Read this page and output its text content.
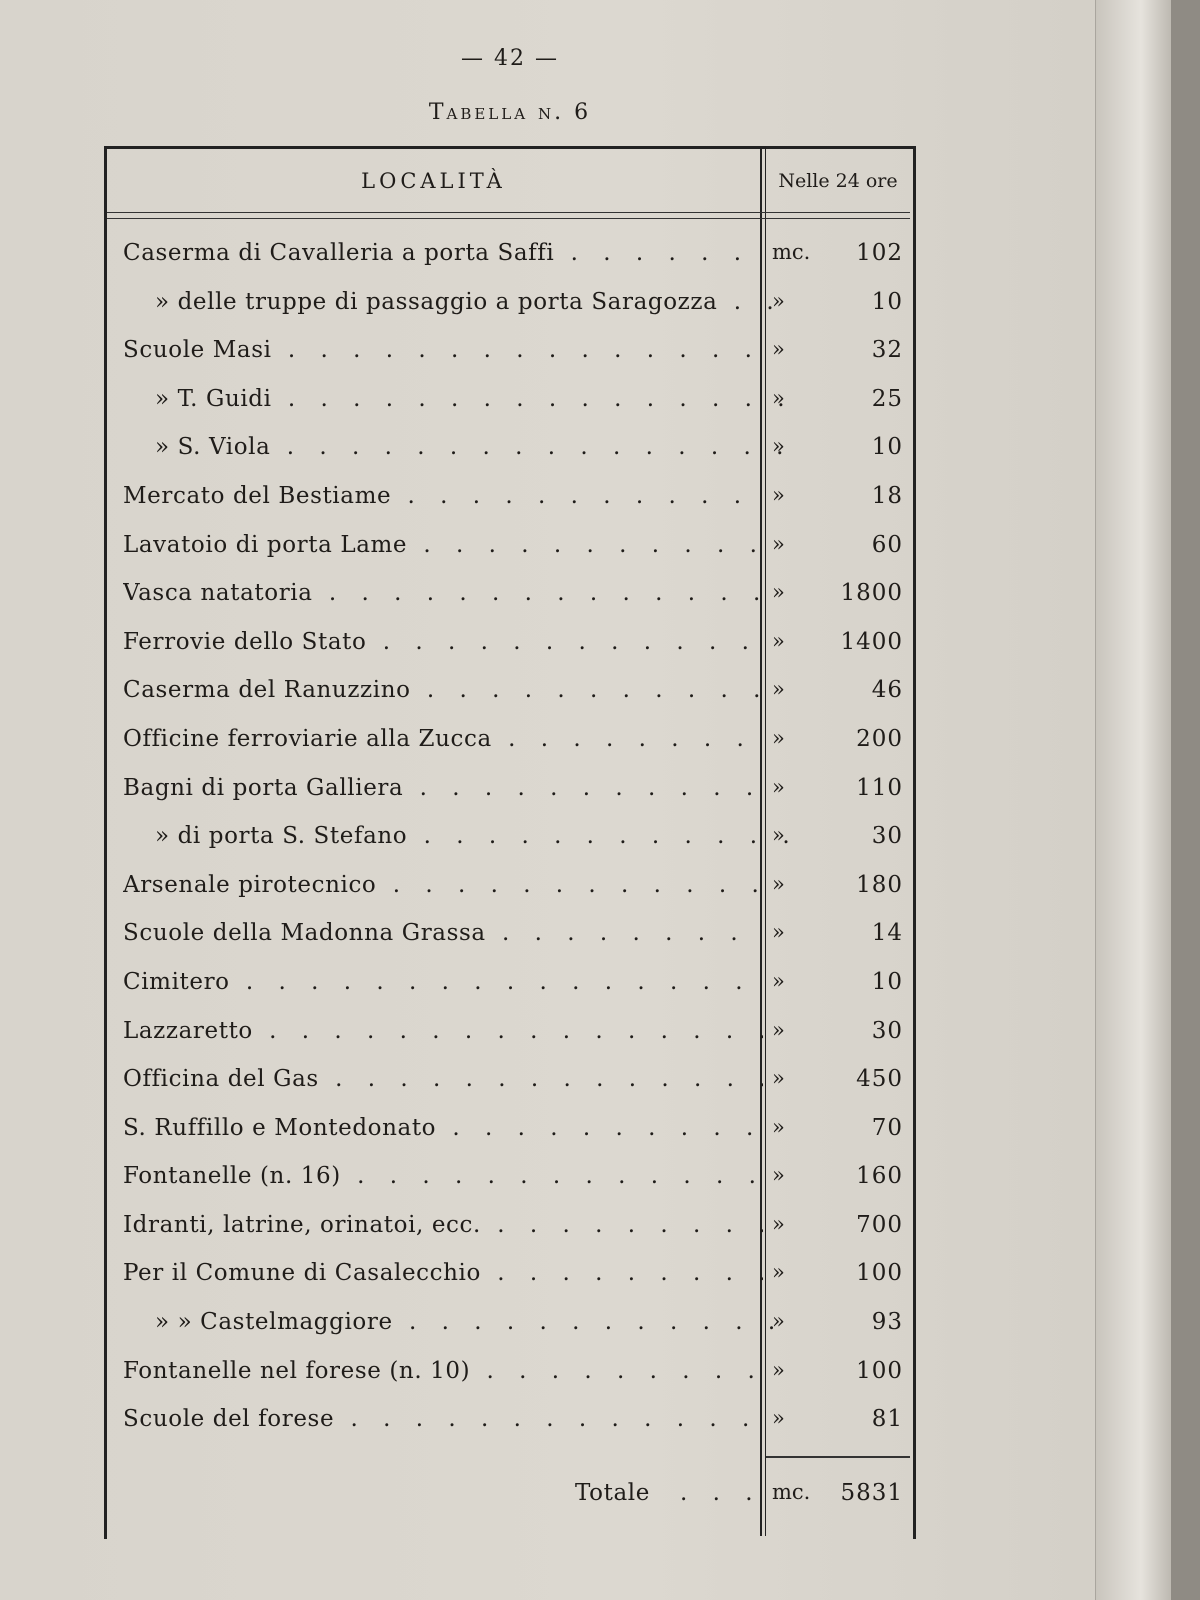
— 42 —
Tabella n. 6
LOCALITÀ	Nelle 24 ore
Caserma di Cavalleria a porta Saffi . . .	mc.	102
» delle truppe di passaggio a porta Saragozza . . .	»	10
Scuole Masi . . .	»	32
» T. Guidi . . .	»	25
» S. Viola . . .	»	10
Mercato del Bestiame . . .	»	18
Lavatoio di porta Lame . . .	»	60
Vasca natatoria . . .	»	1800
Ferrovie dello Stato . . .	»	1400
Caserma del Ranuzzino . . .	»	46
Officine ferroviarie alla Zucca . . .	»	200
Bagni di porta Galliera . . .	»	110
» di porta S. Stefano . . .	»	30
Arsenale pirotecnico . . .	»	180
Scuole della Madonna Grassa . . .	»	14
Cimitero . . .	»	10
Lazzaretto . . .	»	30
Officina del Gas . . .	»	450
S. Ruffillo e Montedonato . . .	»	70
Fontanelle (n. 16) . . .	»	160
Idranti, latrine, orinatoi, ecc. . . .	»	700
Per il Comune di Casalecchio . . .	»	100
» » Castelmaggiore . . .	»	93
Fontanelle nel forese (n. 10) . . .	»	100
Scuole del forese . . .	»	81
Totale . . . mc.	5831
